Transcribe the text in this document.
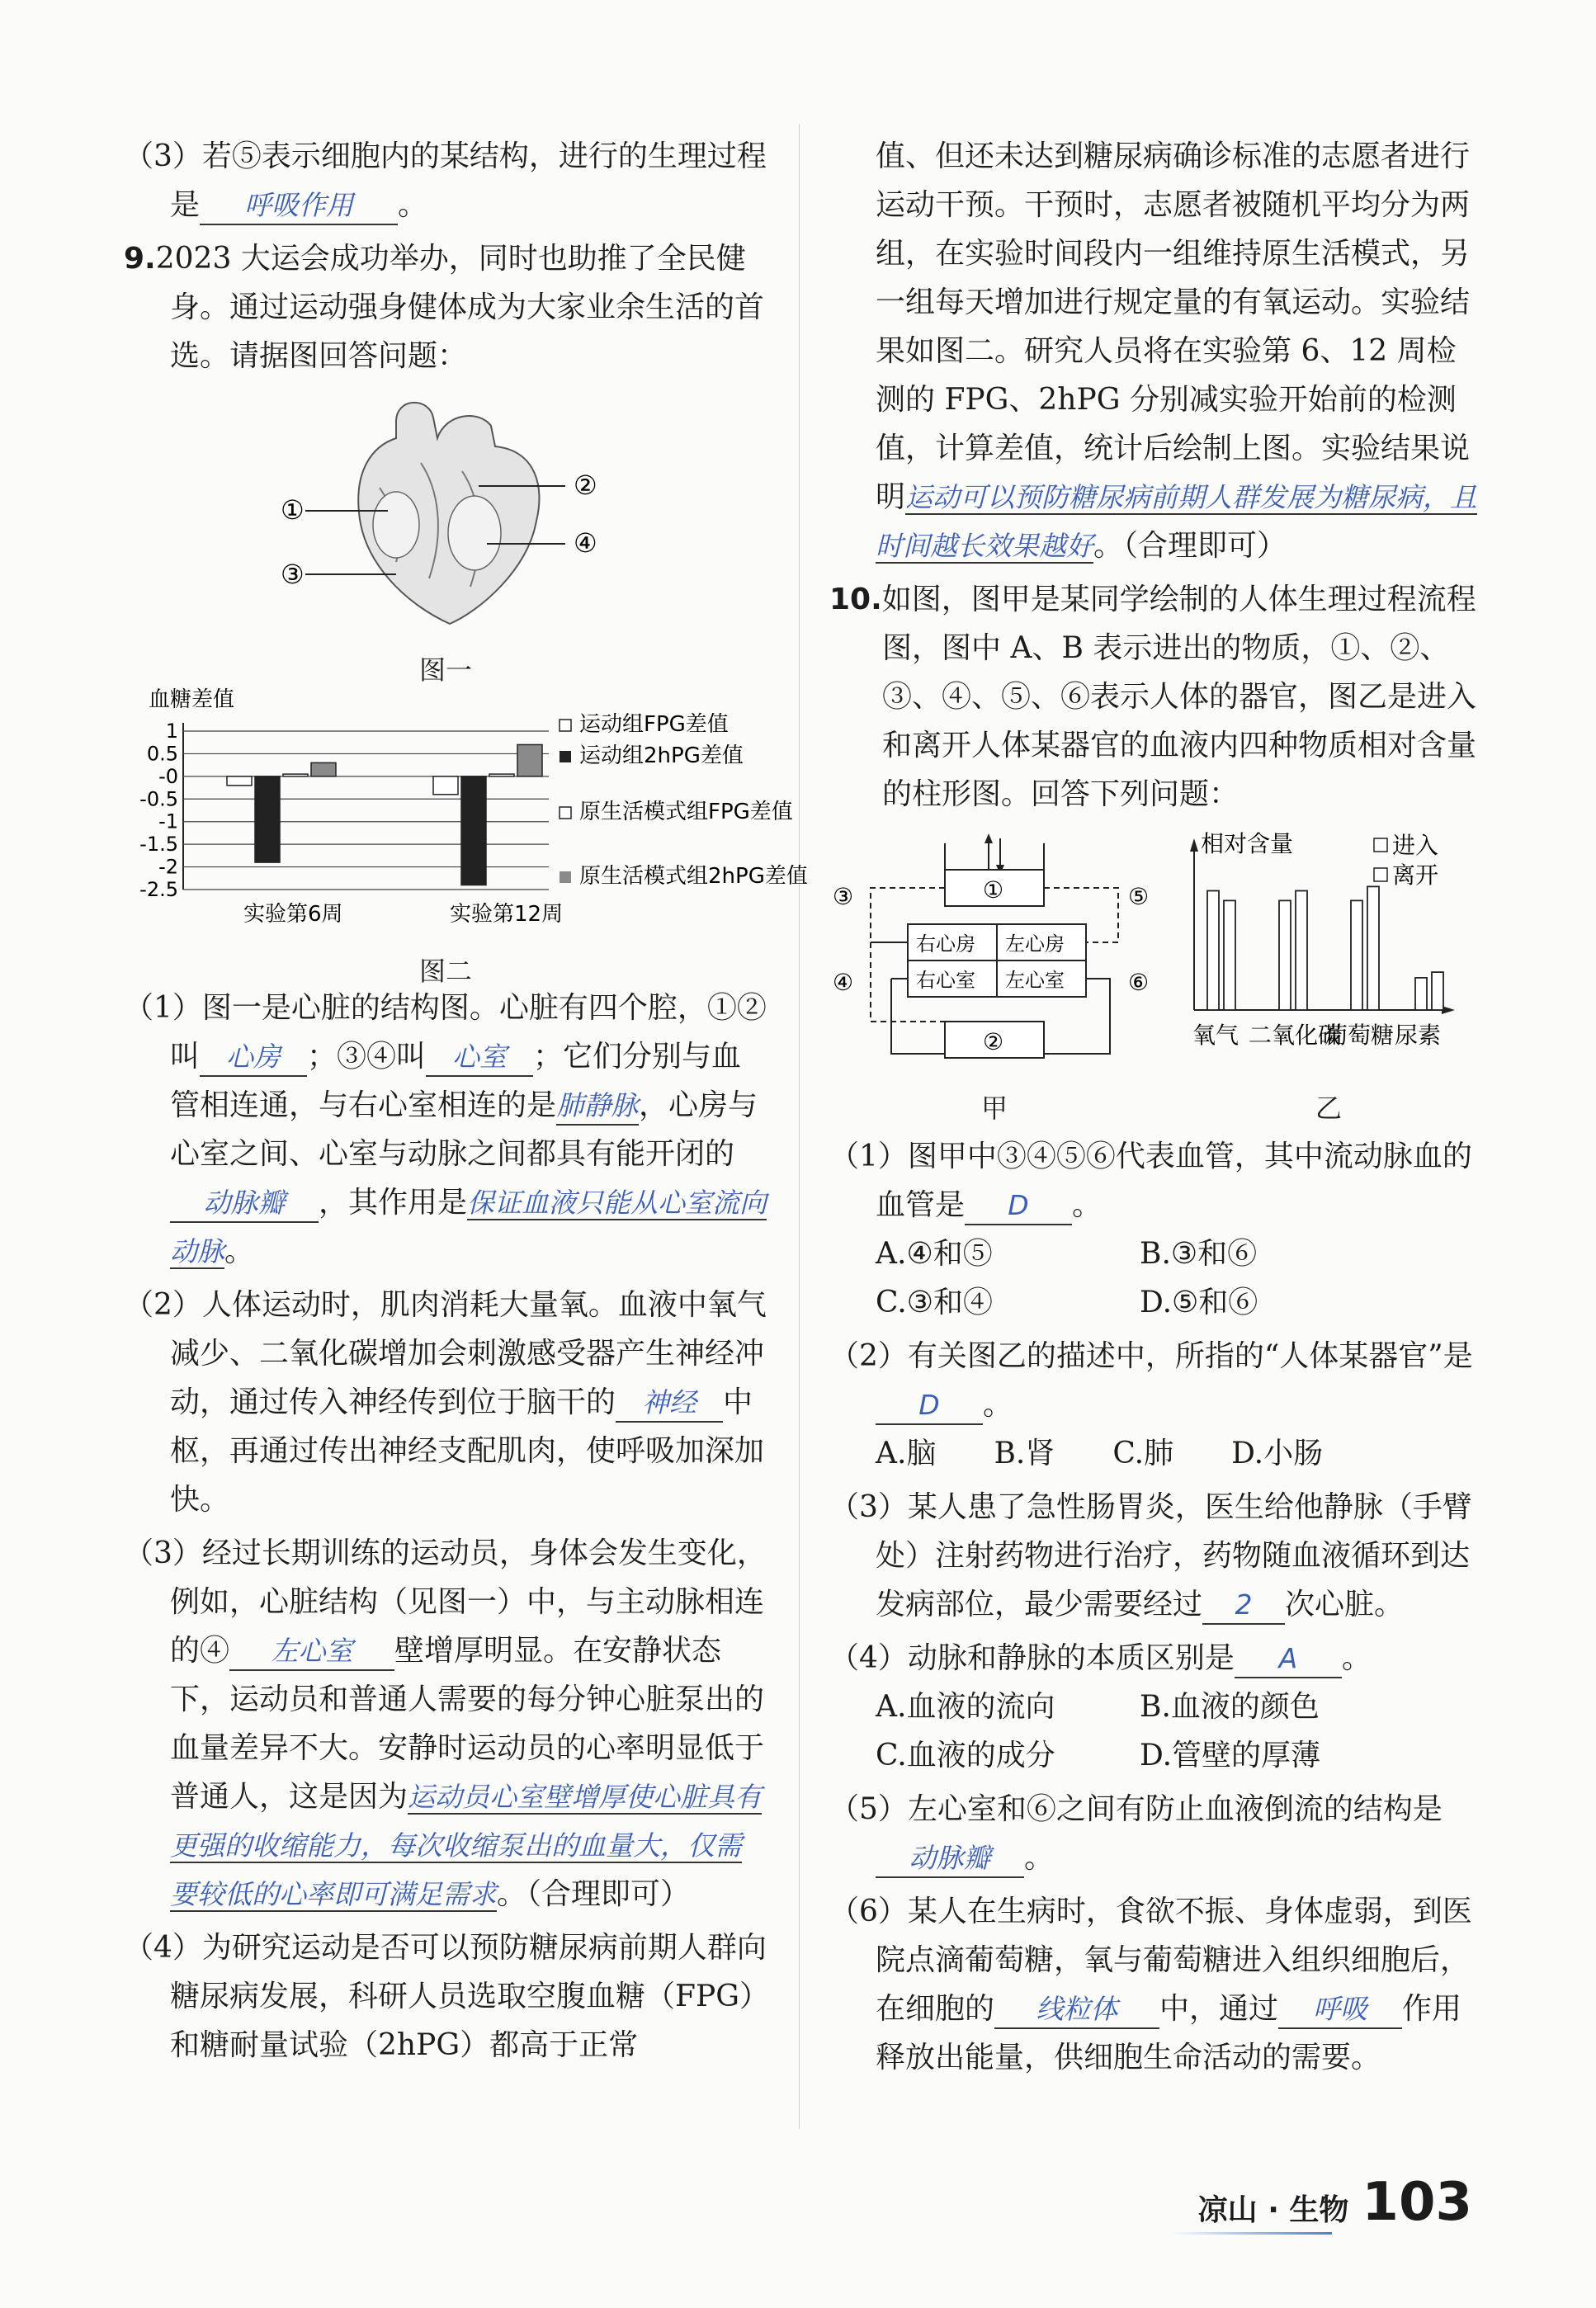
（3）若⑤表示细胞内的某结构，进行的生理过程是 呼吸作用 。

9.2023 大运会成功举办，同时也助推了全民健身。通过运动强身健体成为大家业余生活的首选。请据图回答问题：

①
②
③
④
图一
血糖差值
1
0.5
-0
-0.5
-1
-1.5
-2
-2.5
实验第6周	实验第12周
运动组FPG差值
运动组2hPG差值
原生活模式组FPG差值
原生活模式组2hPG差值
图二

（1）图一是心脏的结构图。心脏有四个腔，①②叫 心房 ；③④叫 心室 ；它们分别与血管相连通，与右心室相连的是肺静脉，心房与心室之间、心室与动脉之间都具有能开闭的动脉瓣 ，其作用是保证血液只能从心室流向动脉。

（2）人体运动时，肌肉消耗大量氧。血液中氧气减少、二氧化碳增加会刺激感受器产生神经冲动，通过传入神经传到位于脑干的 神经 中枢，再通过传出神经支配肌肉，使呼吸加深加快。

（3）经过长期训练的运动员，身体会发生变化，例如，心脏结构（见图一）中，与主动脉相连的④ 左心室 壁增厚明显。在安静状态下，运动员和普通人需要的每分钟心脏泵出的血量差异不大。安静时运动员的心率明显低于普通人，这是因为运动员心室壁增厚使心脏具有更强的收缩能力，每次收缩泵出的血量大，仅需要较低的心率即可满足需求。（合理即可）

（4）为研究运动是否可以预防糖尿病前期人群向糖尿病发展，科研人员选取空腹血糖（FPG）和糖耐量试验（2hPG）都高于正常

值、但还未达到糖尿病确诊标准的志愿者进行运动干预。干预时，志愿者被随机平均分为两组，在实验时间段内一组维持原生活模式，另一组每天增加进行规定量的有氧运动。实验结果如图二。研究人员将在实验第 6、12 周检测的 FPG、2hPG 分别减实验开始前的检测值，计算差值，统计后绘制上图。实验结果说明运动可以预防糖尿病前期人群发展为糖尿病，且时间越长效果越好。（合理即可）

10.如图，图甲是某同学绘制的人体生理过程流程图，图中 A、B 表示进出的物质，①、②、③、④、⑤、⑥表示人体的器官，图乙是进入和离开人体某器官的血液内四种物质相对含量的柱形图。回答下列问题：

①
右心房 左心房
右心室 左心室
②
③
④
⑤
⑥
甲
相对含量	进入
离开
氧气 二氧化碳
葡萄糖 尿素
乙

（1）图甲中③④⑤⑥代表血管，其中流动脉血的血管是 D 。

A.④和⑤	B.③和⑥
C.③和④	D.⑤和⑥

（2）有关图乙的描述中，所指的“人体某器官”是D 。

A.脑 B.肾 C.肺 D.小肠

（3）某人患了急性肠胃炎，医生给他静脉（手臂处）注射药物进行治疗，药物随血液循环到达发病部位，最少需要经过 2 次心脏。

（4）动脉和静脉的本质区别是 A 。

A.血液的流向	B.血液的颜色
C.血液的成分	D.管壁的厚薄

（5）左心室和⑥之间有防止血液倒流的结构是动脉瓣 。

（6）某人在生病时，食欲不振、身体虚弱，到医院点滴葡萄糖，氧与葡萄糖进入组织细胞后，在细胞的 线粒体 中，通过 呼吸 作用释放出能量，供细胞生命活动的需要。

凉山 · 生物 103
